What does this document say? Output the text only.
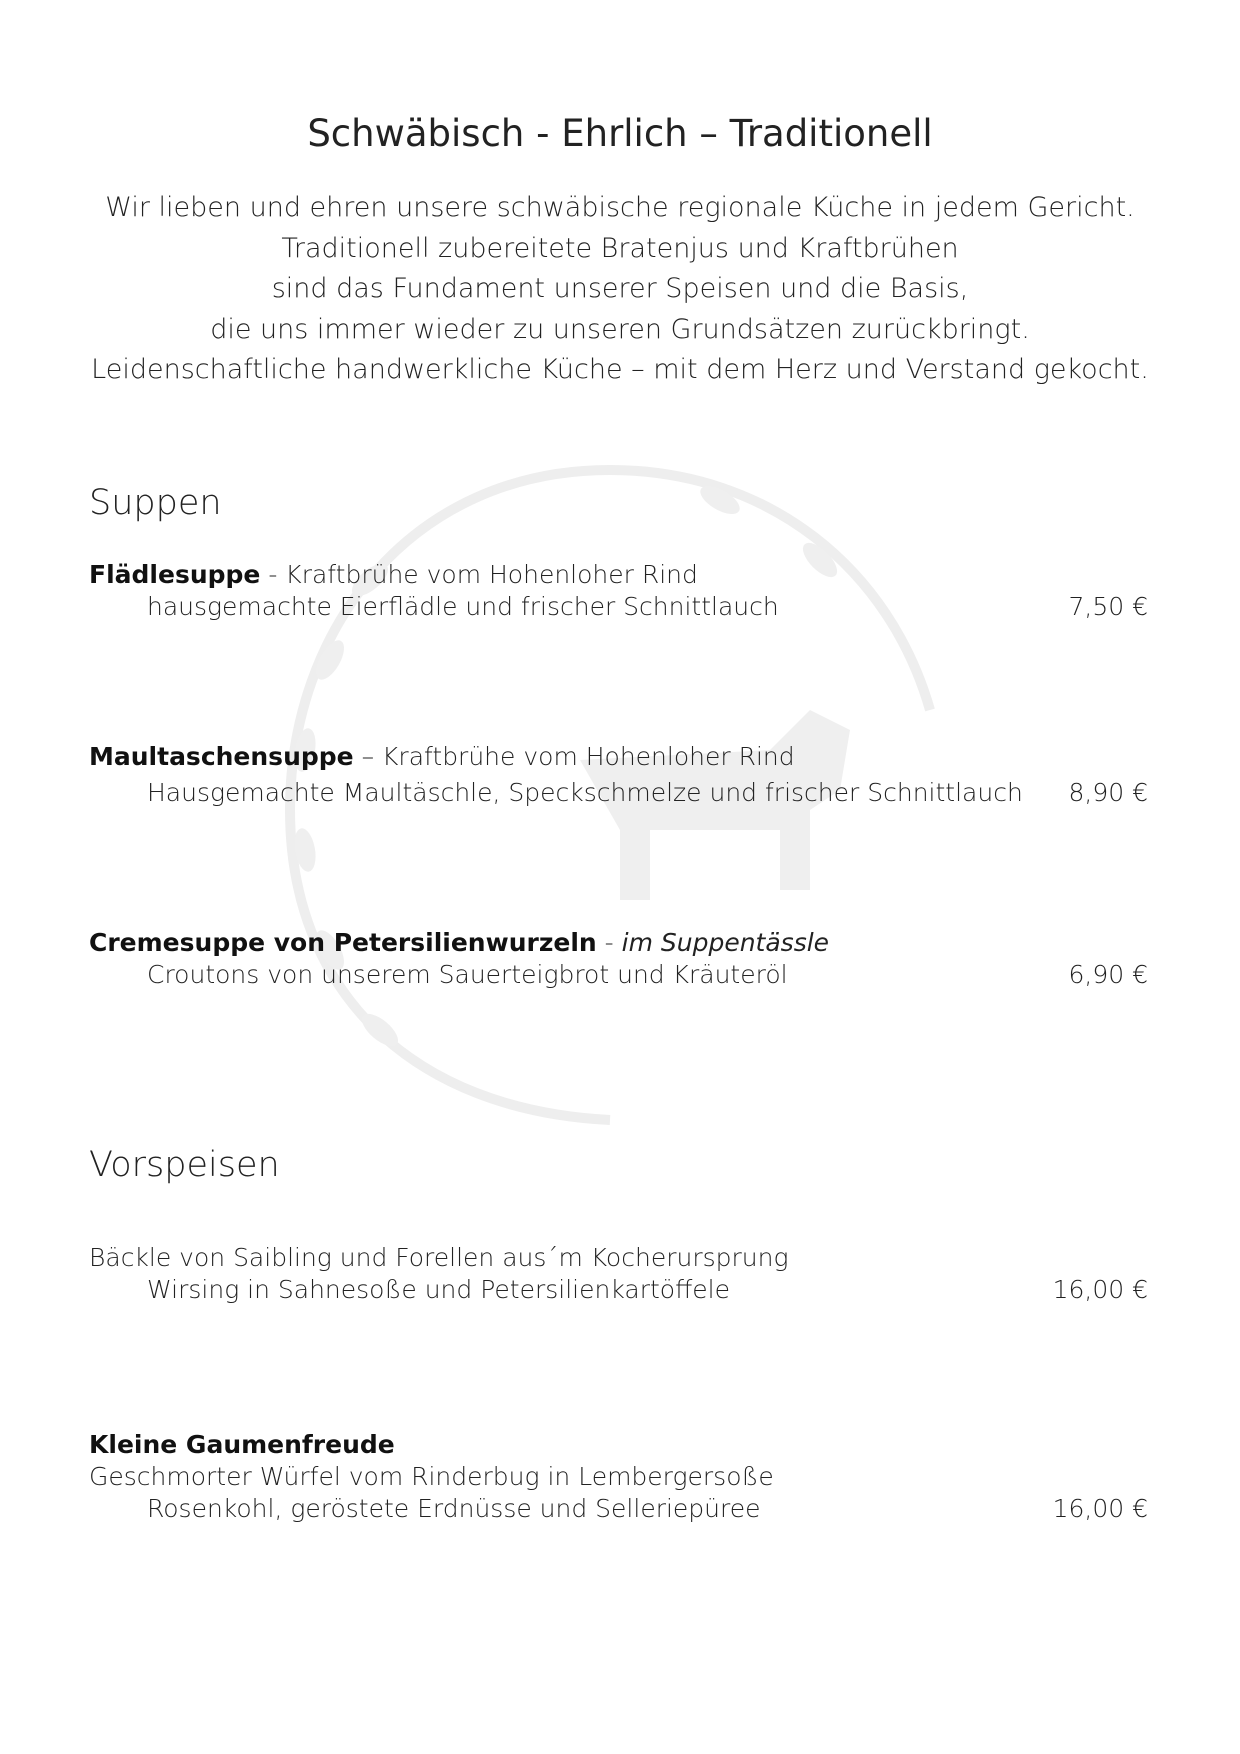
Schwäbisch - Ehrlich – Traditionell
Wir lieben und ehren unsere schwäbische regionale Küche in jedem Gericht.
Traditionell zubereitete Bratenjus und Kraftbrühen
sind das Fundament unserer Speisen und die Basis,
die uns immer wieder zu unseren Grundsätzen zurückbringt.
Leidenschaftliche handwerkliche Küche – mit dem Herz und Verstand gekocht.
Suppen
Flädlesuppe - Kraftbrühe vom Hohenloher Rind
hausgemachte Eierflädle und frischer Schnittlauch	7,50 €
Maultaschensuppe – Kraftbrühe vom Hohenloher Rind
Hausgemachte Maultäschle, Speckschmelze und frischer Schnittlauch 8,90 €
Cremesuppe von Petersilienwurzeln - im Suppentässle
Croutons von unserem Sauerteigbrot und Kräuteröl	6,90 €
Vorspeisen
Bäckle von Saibling und Forellen aus´m Kocherursprung
Wirsing in Sahnesoße und Petersilienkartöffele	16,00 €
Kleine Gaumenfreude
Geschmorter Würfel vom Rinderbug in Lembergersoße
Rosenkohl, geröstete Erdnüsse und Selleriepüree	16,00 €
